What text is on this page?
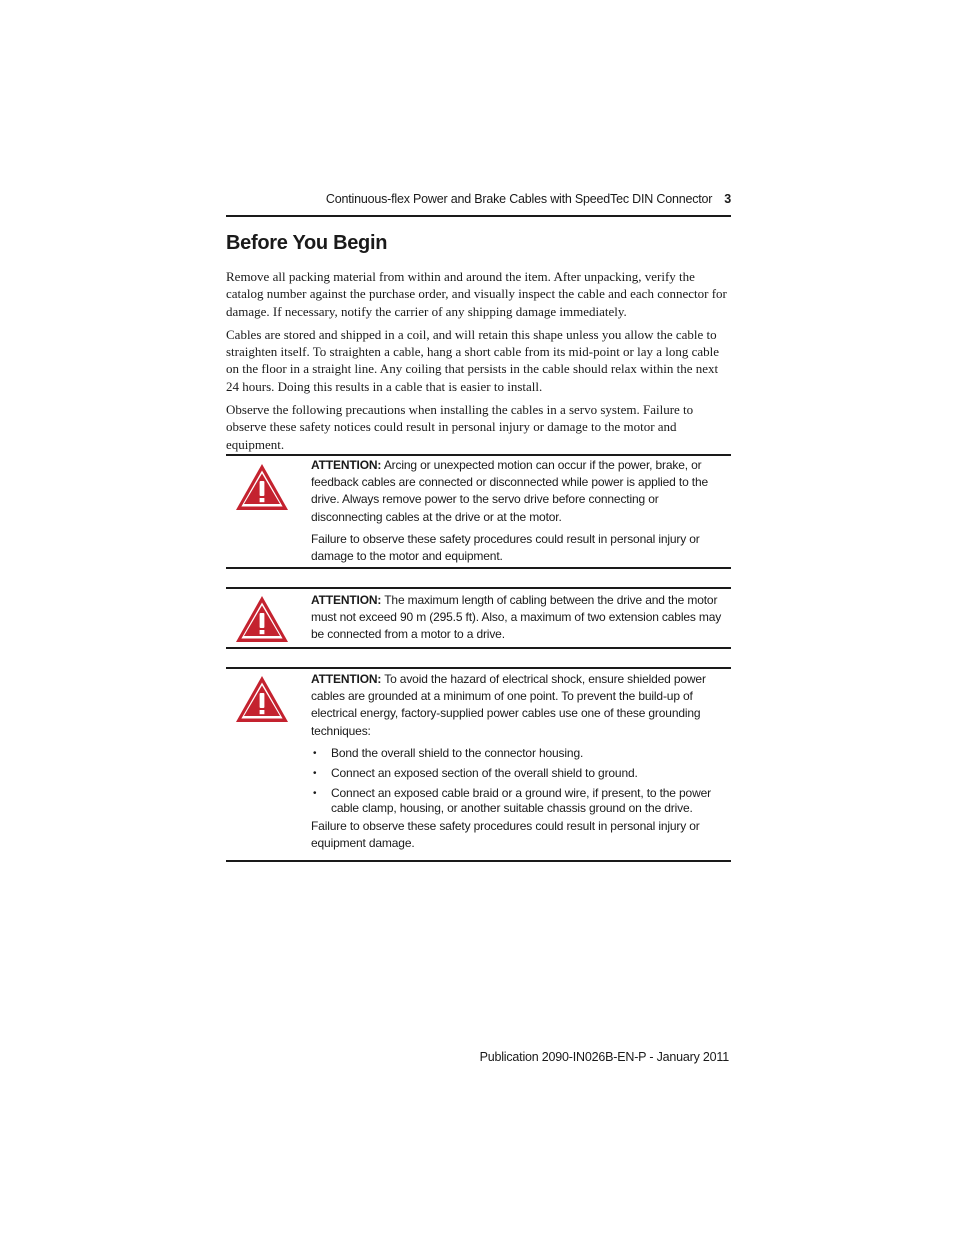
Continuous-flex Power and Brake Cables with SpeedTec DIN Connector 3
Before You Begin

Remove all packing material from within and around the item. After unpacking, verify the catalog number against the purchase order, and visually inspect the cable and each connector for damage. If necessary, notify the carrier of any shipping damage immediately.

Cables are stored and shipped in a coil, and will retain this shape unless you allow the cable to straighten itself. To straighten a cable, hang a short cable from its mid-point or lay a long cable on the floor in a straight line. Any coiling that persists in the cable should relax within the next 24 hours. Doing this results in a cable that is easier to install.

Observe the following precautions when installing the cables in a servo system. Failure to observe these safety notices could result in personal injury or damage to the motor and equipment.

ATTENTION: Arcing or unexpected motion can occur if the power, brake, or feedback cables are connected or disconnected while power is applied to the drive. Always remove power to the servo drive before connecting or disconnecting cables at the drive or at the motor.

Failure to observe these safety procedures could result in personal injury or damage to the motor and equipment.

ATTENTION: The maximum length of cabling between the drive and the motor must not exceed 90 m (295.5 ft). Also, a maximum of two extension cables may be connected from a motor to a drive.

ATTENTION: To avoid the hazard of electrical shock, ensure shielded power cables are grounded at a minimum of one point. To prevent the build-up of electrical energy, factory-supplied power cables use one of these grounding techniques:

• Bond the overall shield to the connector housing.
• Connect an exposed section of the overall shield to ground.
• Connect an exposed cable braid or a ground wire, if present, to the power cable clamp, housing, or another suitable chassis ground on the drive.

Failure to observe these safety procedures could result in personal injury or equipment damage.

Publication 2090-IN026B-EN-P - January 2011
